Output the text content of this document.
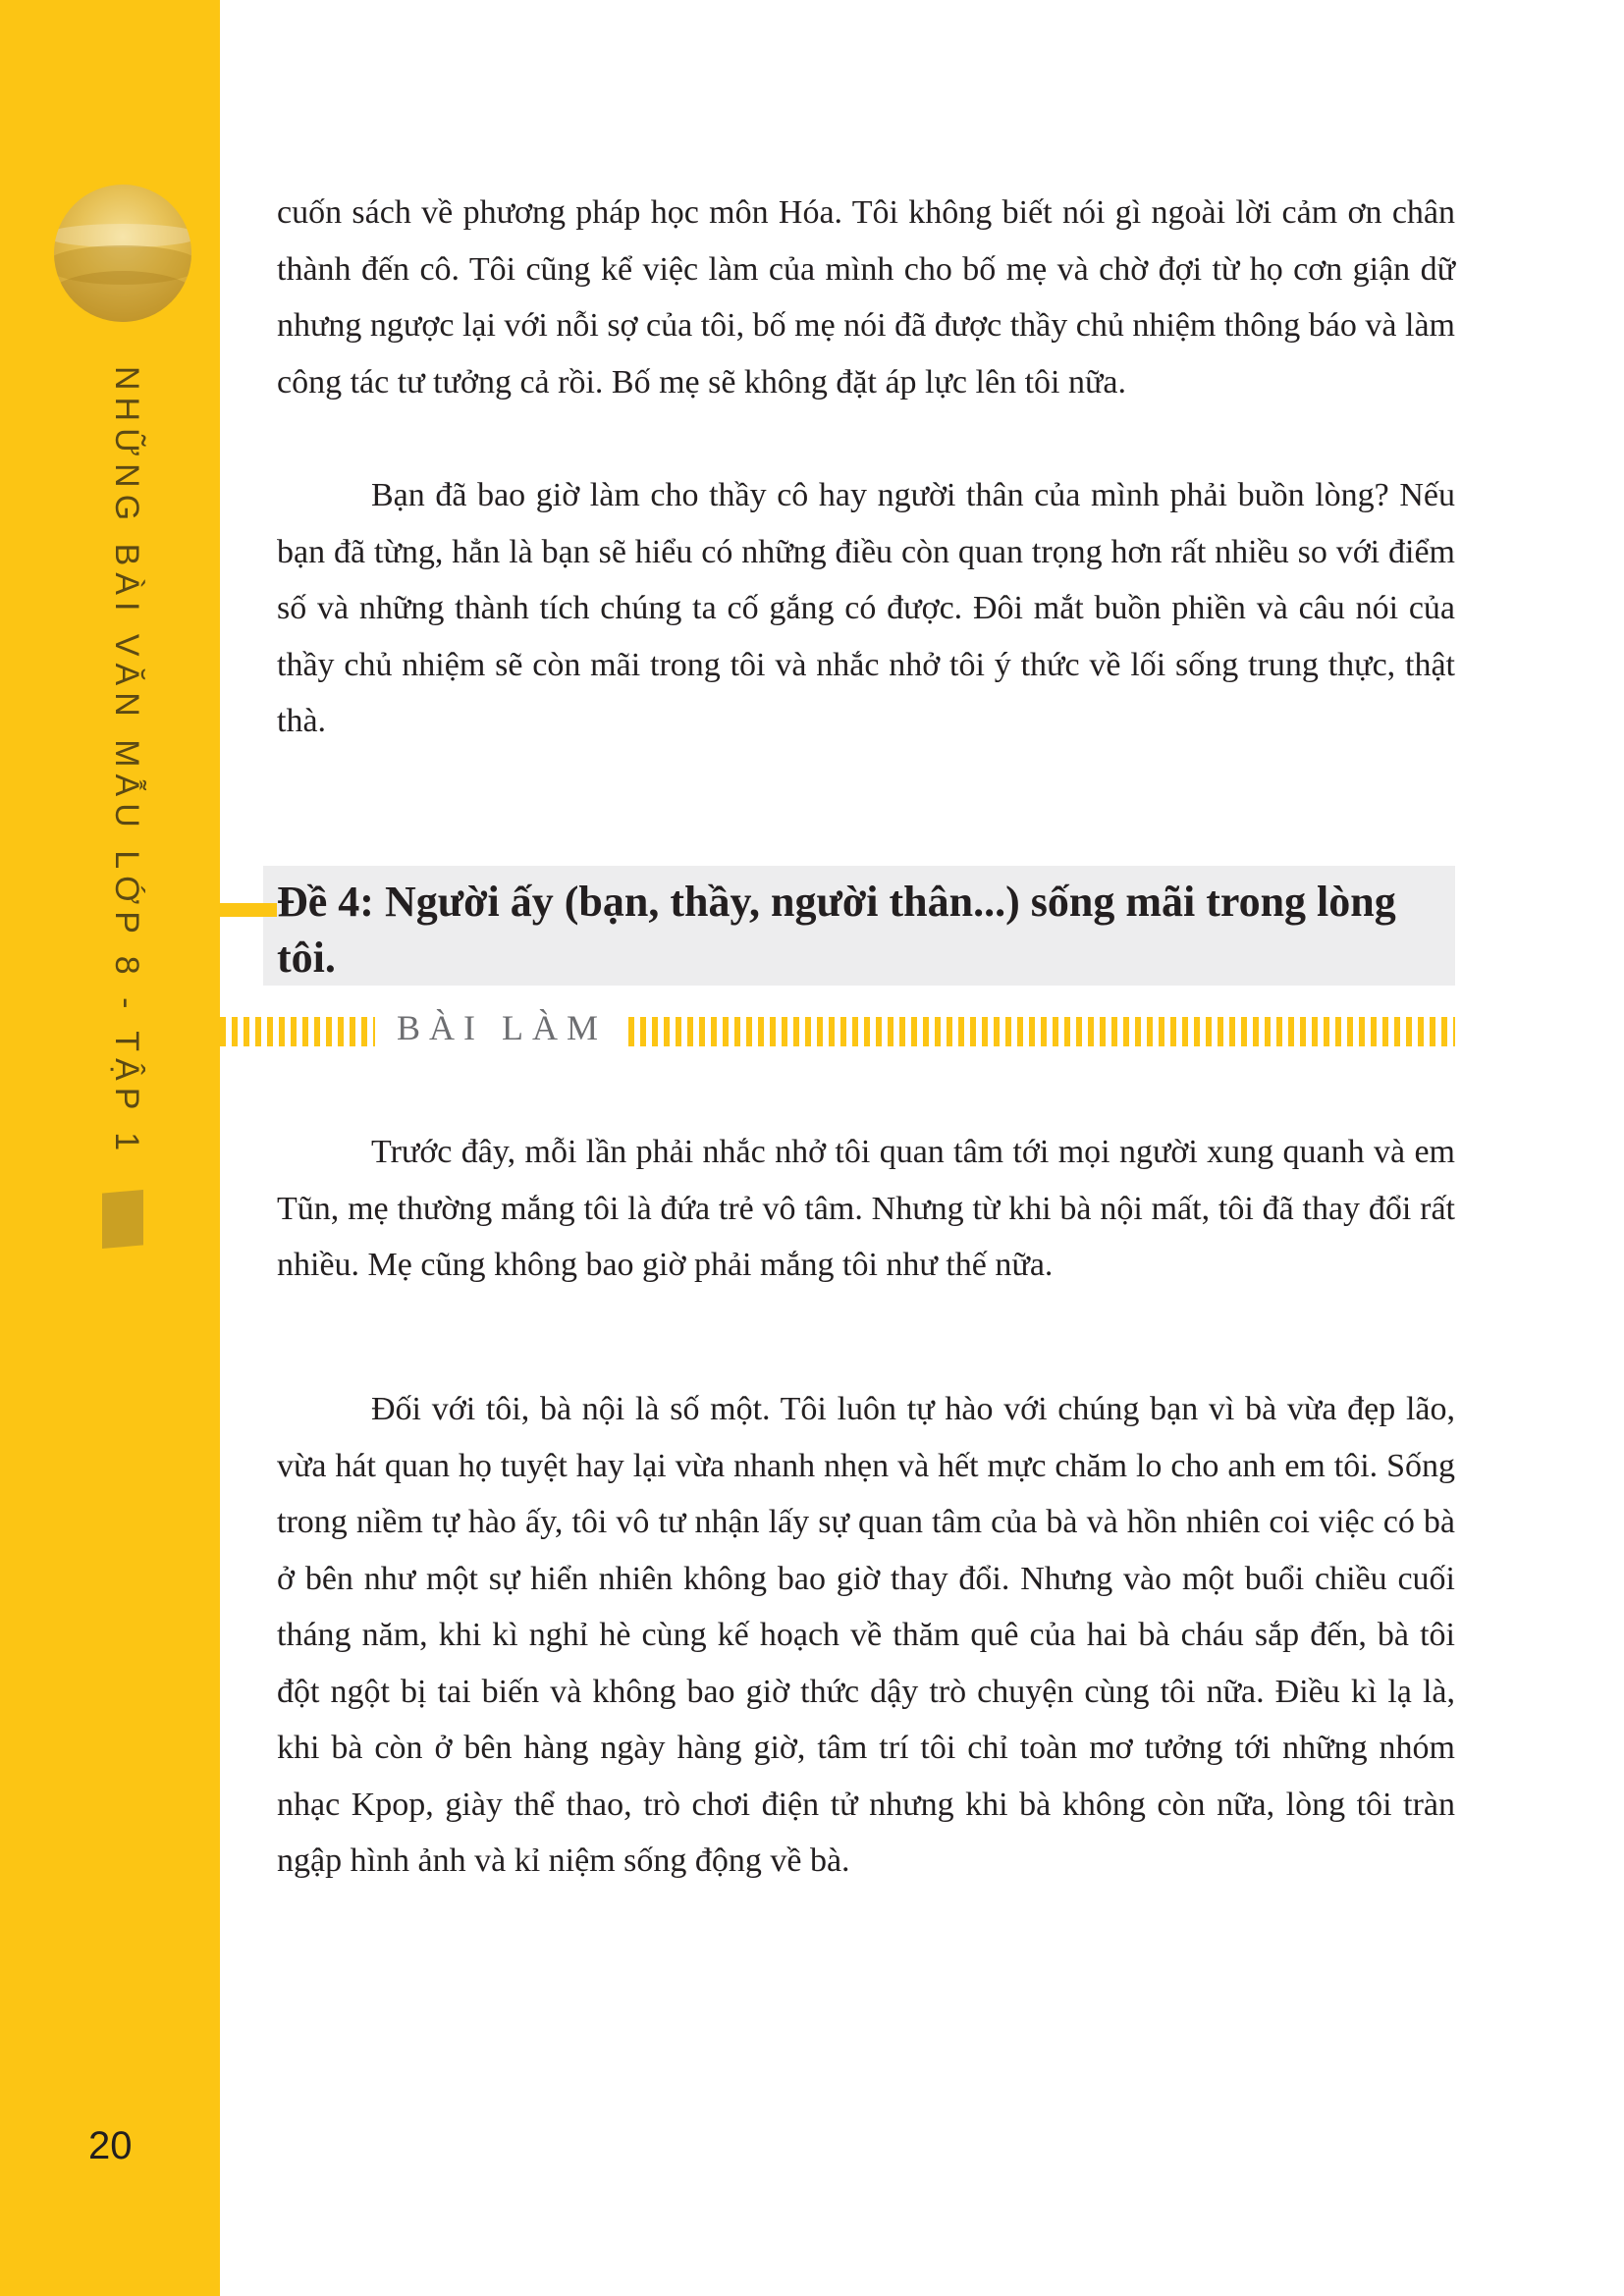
NHỮNG BÀI VĂN MẪU LỚP 8 - TẬP 1
20

cuốn sách về phương pháp học môn Hóa. Tôi không biết nói gì ngoài lời cảm ơn chân thành đến cô. Tôi cũng kể việc làm của mình cho bố mẹ và chờ đợi từ họ cơn giận dữ nhưng ngược lại với nỗi sợ của tôi, bố mẹ nói đã được thầy chủ nhiệm thông báo và làm công tác tư tưởng cả rồi. Bố mẹ sẽ không đặt áp lực lên tôi nữa.

Bạn đã bao giờ làm cho thầy cô hay người thân của mình phải buồn lòng? Nếu bạn đã từng, hẳn là bạn sẽ hiểu có những điều còn quan trọng hơn rất nhiều so với điểm số và những thành tích chúng ta cố gắng có được. Đôi mắt buồn phiền và câu nói của thầy chủ nhiệm sẽ còn mãi trong tôi và nhắc nhở tôi ý thức về lối sống trung thực, thật thà.

Đề 4: Người ấy (bạn, thầy, người thân...) sống mãi trong lòng tôi.
BÀI LÀM

Trước đây, mỗi lần phải nhắc nhở tôi quan tâm tới mọi người xung quanh và em Tũn, mẹ thường mắng tôi là đứa trẻ vô tâm. Nhưng từ khi bà nội mất, tôi đã thay đổi rất nhiều. Mẹ cũng không bao giờ phải mắng tôi như thế nữa.

Đối với tôi, bà nội là số một. Tôi luôn tự hào với chúng bạn vì bà vừa đẹp lão, vừa hát quan họ tuyệt hay lại vừa nhanh nhẹn và hết mực chăm lo cho anh em tôi. Sống trong niềm tự hào ấy, tôi vô tư nhận lấy sự quan tâm của bà và hồn nhiên coi việc có bà ở bên như một sự hiển nhiên không bao giờ thay đổi. Nhưng vào một buổi chiều cuối tháng năm, khi kì nghỉ hè cùng kế hoạch về thăm quê của hai bà cháu sắp đến, bà tôi đột ngột bị tai biến và không bao giờ thức dậy trò chuyện cùng tôi nữa. Điều kì lạ là, khi bà còn ở bên hàng ngày hàng giờ, tâm trí tôi chỉ toàn mơ tưởng tới những nhóm nhạc Kpop, giày thể thao, trò chơi điện tử nhưng khi bà không còn nữa, lòng tôi tràn ngập hình ảnh và kỉ niệm sống động về bà.
